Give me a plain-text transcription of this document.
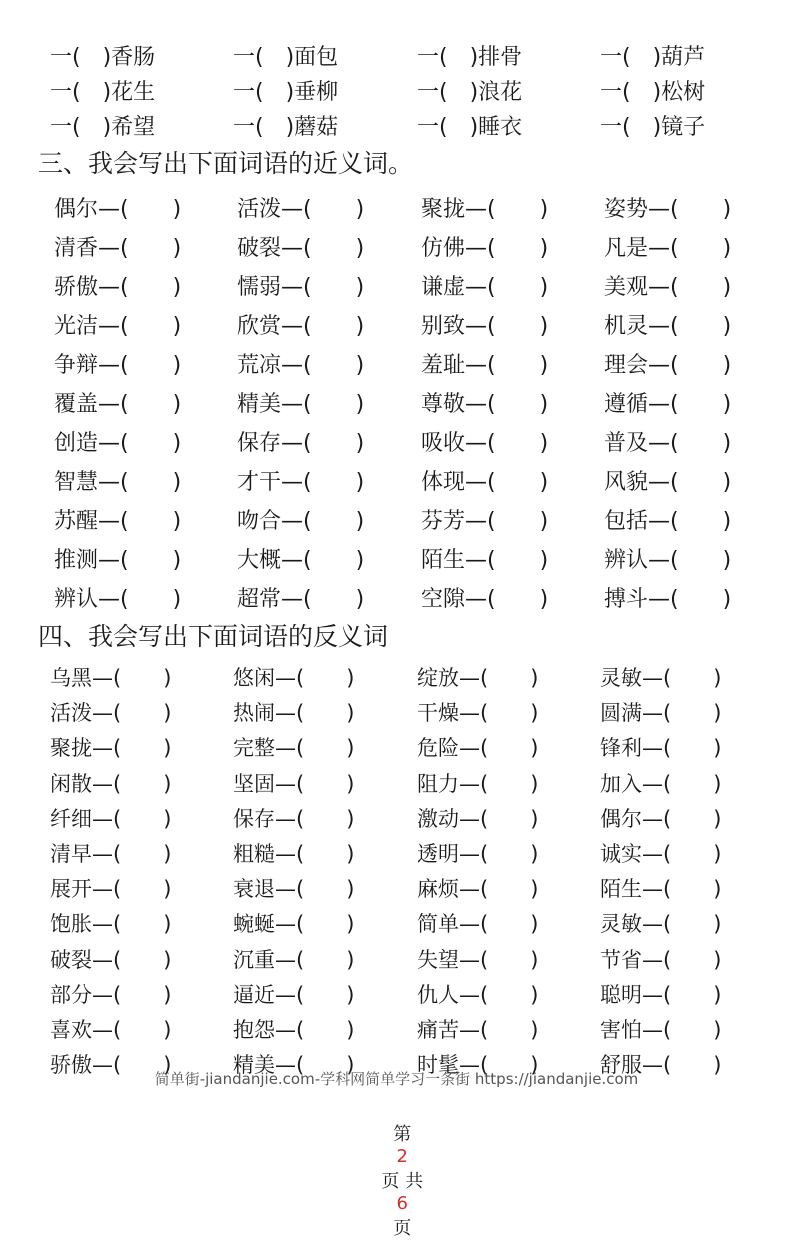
一(　)香肠	一(　)面包	一(　)排骨	一(　)葫芦
一(　)花生	一(　)垂柳	一(　)浪花	一(　)松树
一(　)希望	一(　)蘑菇	一(　)睡衣	一(　)镜子
三、我会写出下面词语的近义词。
偶尔—(　　)	活泼—(　　)	聚拢—(　　)	姿势—(　　)
清香—(　　)	破裂—(　　)	仿佛—(　　)	凡是—(　　)
骄傲—(　　)	懦弱—(　　)	谦虚—(　　)	美观—(　　)
光洁—(　　)	欣赏—(　　)	别致—(　　)	机灵—(　　)
争辩—(　　)	荒凉—(　　)	羞耻—(　　)	理会—(　　)
覆盖—(　　)	精美—(　　)	尊敬—(　　)	遵循—(　　)
创造—(　　)	保存—(　　)	吸收—(　　)	普及—(　　)
智慧—(　　)	才干—(　　)	体现—(　　)	风貌—(　　)
苏醒—(　　)	吻合—(　　)	芬芳—(　　)	包括—(　　)
推测—(　　)	大概—(　　)	陌生—(　　)	辨认—(　　)
辨认—(　　)	超常—(　　)	空隙—(　　)	搏斗—(　　)
四、我会写出下面词语的反义词
乌黑—(　　)	悠闲—(　　)	绽放—(　　)	灵敏—(　　)
活泼—(　　)	热闹—(　　)	干燥—(　　)	圆满—(　　)
聚拢—(　　)	完整—(　　)	危险—(　　)	锋利—(　　)
闲散—(　　)	坚固—(　　)	阻力—(　　)	加入—(　　)
纤细—(　　)	保存—(　　)	激动—(　　)	偶尔—(　　)
清早—(　　)	粗糙—(　　)	透明—(　　)	诚实—(　　)
展开—(　　)	衰退—(　　)	麻烦—(　　)	陌生—(　　)
饱胀—(　　)	蜿蜒—(　　)	简单—(　　)	灵敏—(　　)
破裂—(　　)	沉重—(　　)	失望—(　　)	节省—(　　)
部分—(　　)	逼近—(　　)	仇人—(　　)	聪明—(　　)
喜欢—(　　)	抱怨—(　　)	痛苦—(　　)	害怕—(　　)
骄傲—(　　)	精美—(　　)	时髦—(　　)	舒服—(　　)
简单街-jiandanjie.com-学科网简单学习一条街 https://jiandanjie.com

第
2
页 共
6
页
